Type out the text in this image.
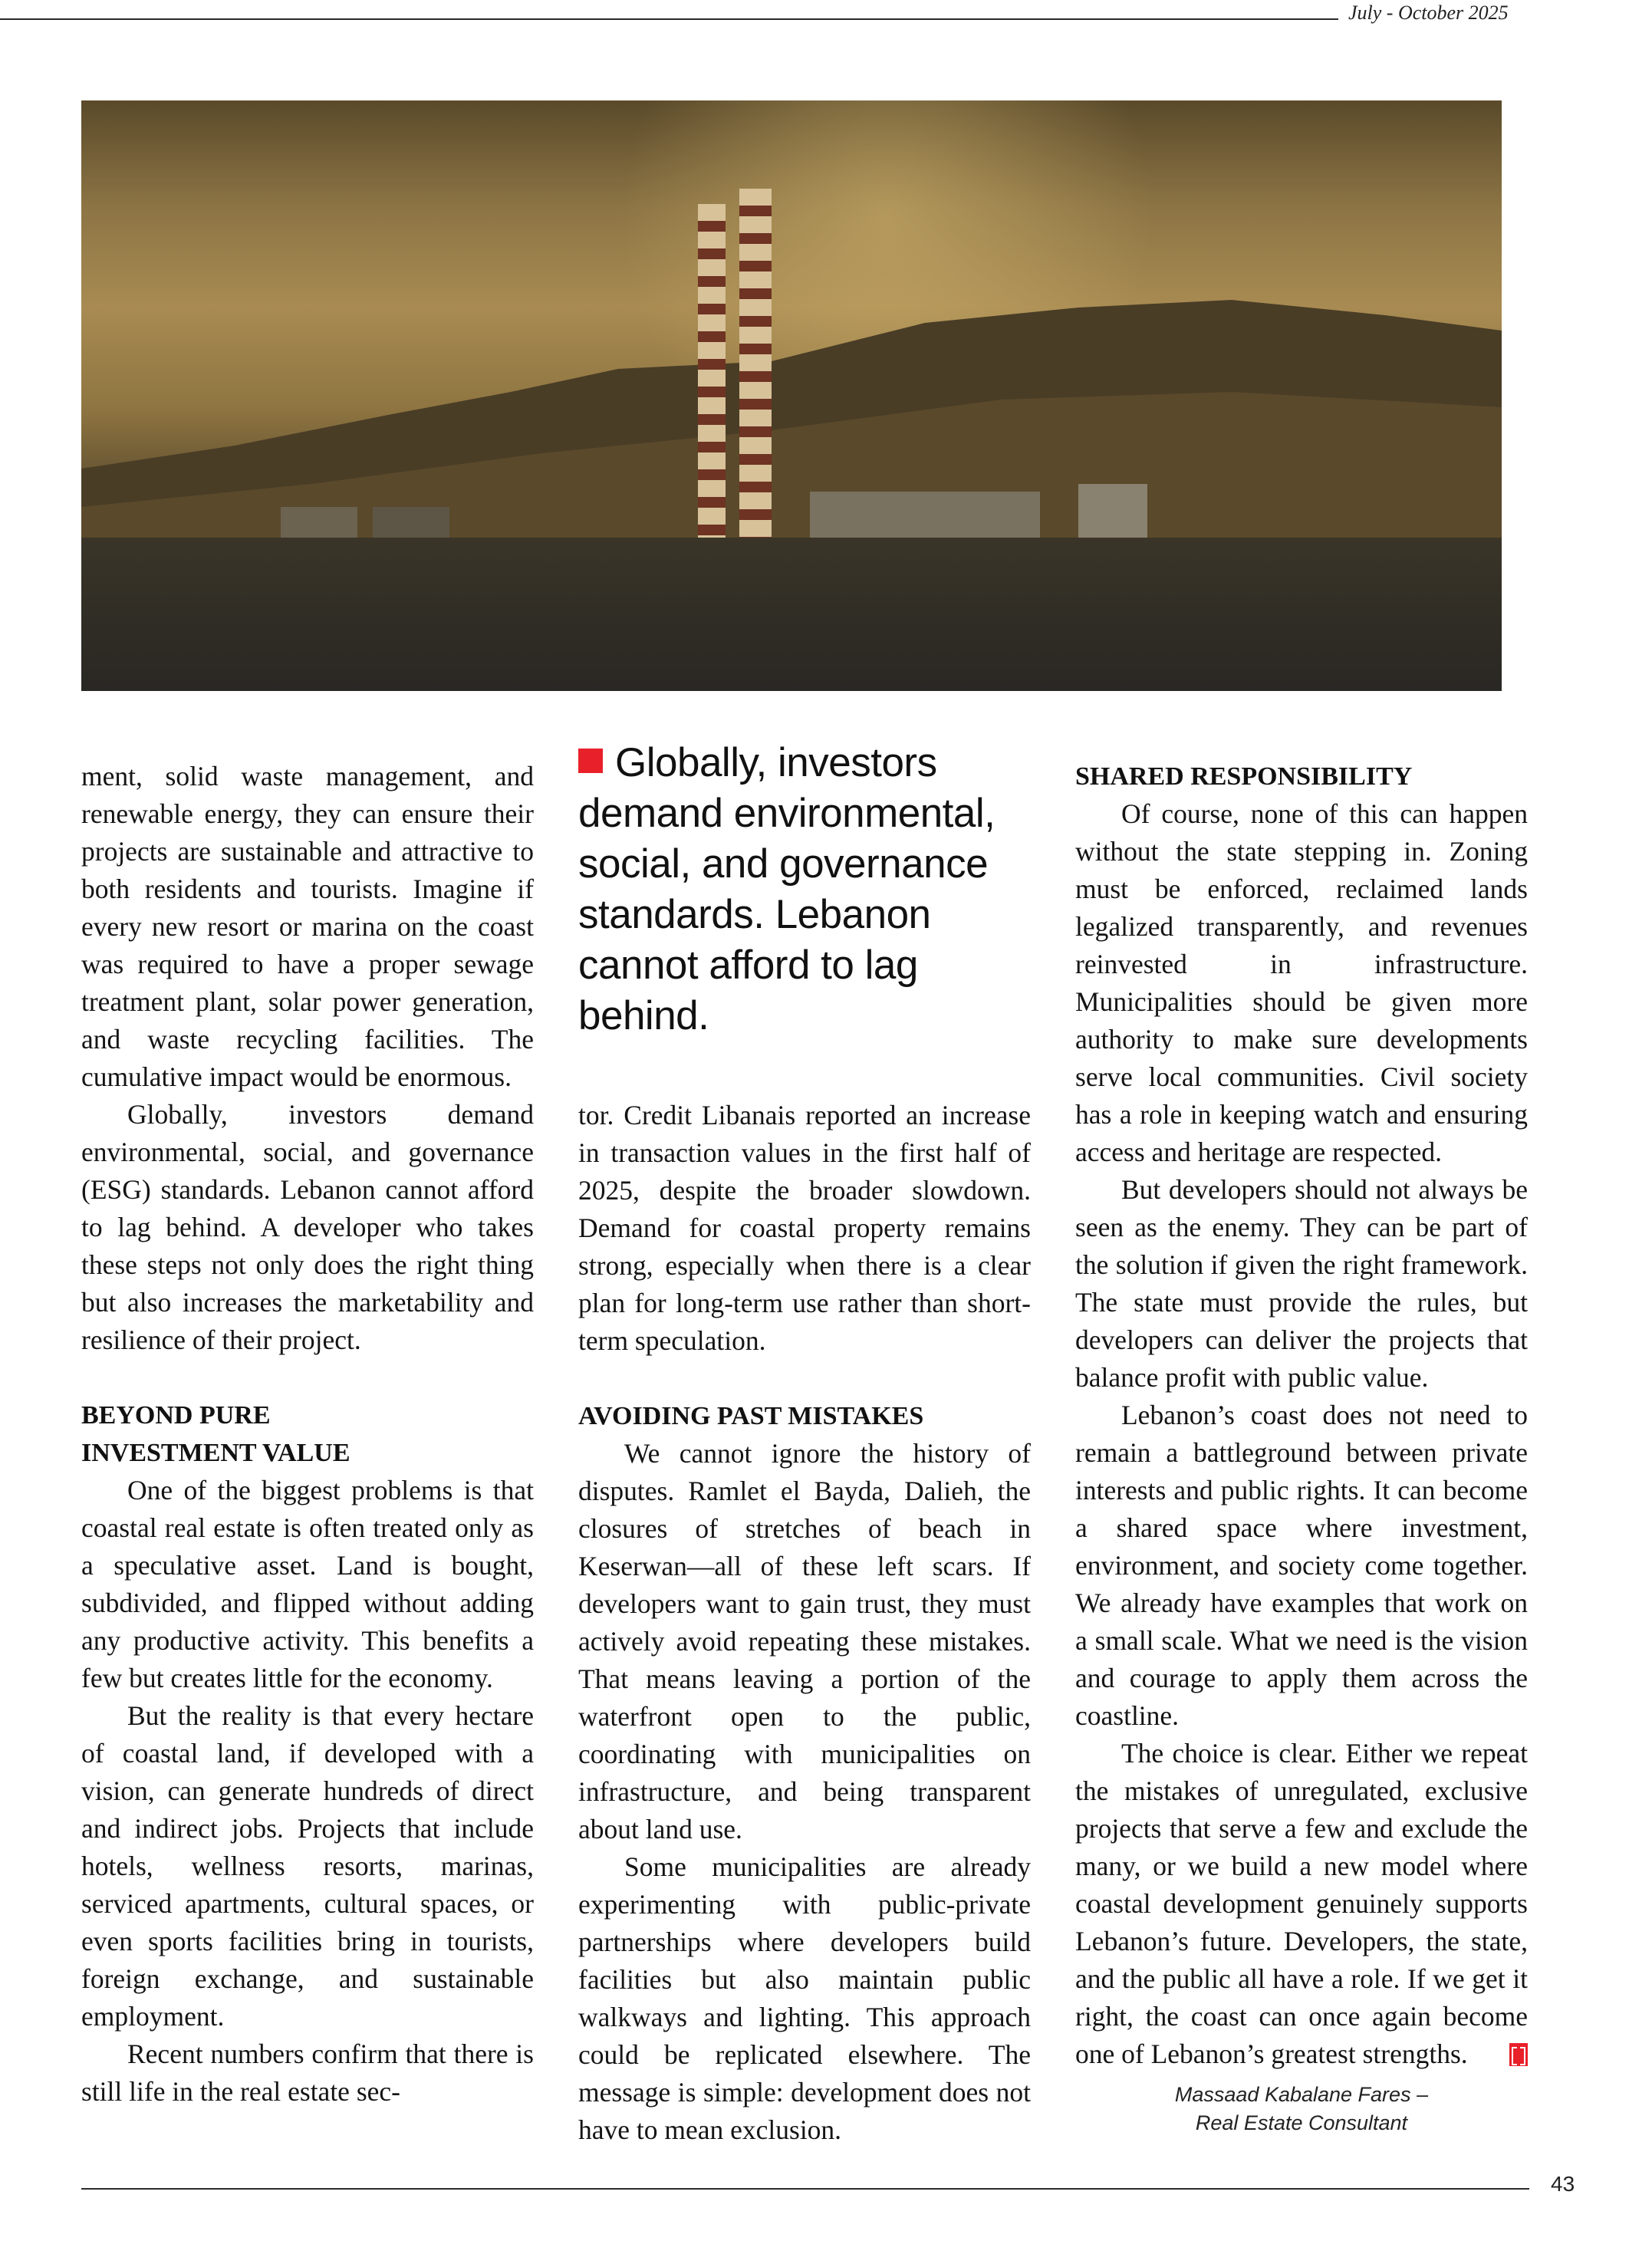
July - October 2025

ment, solid waste management, and renewable energy, they can ensure their projects are sustainable and attractive to both residents and tourists. Imagine if every new resort or marina on the coast was required to have a proper sewage treatment plant, solar power generation, and waste recycling facilities. The cumulative impact would be enormous.

Globally, investors demand environmental, social, and governance (ESG) standards. Lebanon cannot afford to lag behind. A developer who takes these steps not only does the right thing but also increases the marketability and resilience of their project.

BEYOND PURE
INVESTMENT VALUE

One of the biggest problems is that coastal real estate is often treated only as a speculative asset. Land is bought, subdivided, and flipped without adding any productive activity. This benefits a few but creates little for the economy.

But the reality is that every hectare of coastal land, if developed with a vision, can generate hundreds of direct and indirect jobs. Projects that include hotels, wellness resorts, marinas, serviced apartments, cultural spaces, or even sports facilities bring in tourists, foreign exchange, and sustainable employment.

Recent numbers confirm that there is still life in the real estate sec-

Globally, investors demand environmental, social, and governance standards. Lebanon cannot afford to lag behind.

tor. Credit Libanais reported an increase in transaction values in the first half of 2025, despite the broader slowdown. Demand for coastal property remains strong, especially when there is a clear plan for long-term use rather than short-term speculation.

AVOIDING PAST MISTAKES

We cannot ignore the history of disputes. Ramlet el Bayda, Dalieh, the closures of stretches of beach in Keserwan—all of these left scars. If developers want to gain trust, they must actively avoid repeating these mistakes. That means leaving a portion of the waterfront open to the public, coordinating with municipalities on infrastructure, and being transparent about land use.

Some municipalities are already experimenting with public-private partnerships where developers build facilities but also maintain public walkways and lighting. This approach could be replicated elsewhere. The message is simple: development does not have to mean exclusion.

SHARED RESPONSIBILITY

Of course, none of this can happen without the state stepping in. Zoning must be enforced, reclaimed lands legalized transparently, and revenues reinvested in infrastructure. Municipalities should be given more authority to make sure developments serve local communities. Civil society has a role in keeping watch and ensuring access and heritage are respected.

But developers should not always be seen as the enemy. They can be part of the solution if given the right framework. The state must provide the rules, but developers can deliver the projects that balance profit with public value.

Lebanon’s coast does not need to remain a battleground between private interests and public rights. It can become a shared space where investment, environment, and society come together. We already have examples that work on a small scale. What we need is the vision and courage to apply them across the coastline.

The choice is clear. Either we repeat the mistakes of unregulated, exclusive projects that serve a few and exclude the many, or we build a new model where coastal development genuinely supports Lebanon’s future. Developers, the state, and the public all have a role. If we get it right, the coast can once again become one of Lebanon’s greatest strengths.

Massaad Kabalane Fares –
Real Estate Consultant
43
